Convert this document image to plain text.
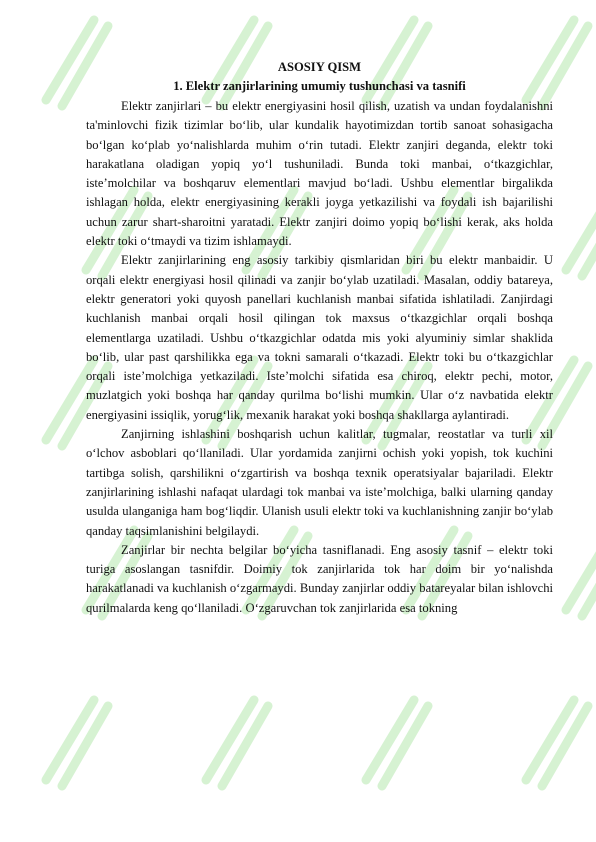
ASOSIY QISM

1. Elektr zanjirlarining umumiy tushunchasi va tasnifi

Elektr zanjirlari – bu elektr energiyasini hosil qilish, uzatish va undan foydalanishni ta'minlovchi fizik tizimlar bo‘lib, ular kundalik hayotimizdan tortib sanoat sohasigacha bo‘lgan ko‘plab yo‘nalishlarda muhim o‘rin tutadi. Elektr zanjiri deganda, elektr toki harakatlana oladigan yopiq yo‘l tushuniladi. Bunda toki manbai, o‘tkazgichlar, iste’molchilar va boshqaruv elementlari mavjud bo‘ladi. Ushbu elementlar birgalikda ishlagan holda, elektr energiyasining kerakli joyga yetkazilishi va foydali ish bajarilishi uchun zarur shart-sharoitni yaratadi. Elektr zanjiri doimo yopiq bo‘lishi kerak, aks holda elektr toki o‘tmaydi va tizim ishlamaydi.

Elektr zanjirlarining eng asosiy tarkibiy qismlaridan biri bu elektr manbaidir. U orqali elektr energiyasi hosil qilinadi va zanjir bo‘ylab uzatiladi. Masalan, oddiy batareya, elektr generatori yoki quyosh panellari kuchlanish manbai sifatida ishlatiladi. Zanjirdagi kuchlanish manbai orqali hosil qilingan tok maxsus o‘tkazgichlar orqali boshqa elementlarga uzatiladi. Ushbu o‘tkazgichlar odatda mis yoki alyuminiy simlar shaklida bo‘lib, ular past qarshilikka ega va tokni samarali o‘tkazadi. Elektr toki bu o‘tkazgichlar orqali iste’molchiga yetkaziladi. Iste’molchi sifatida esa chiroq, elektr pechi, motor, muzlatgich yoki boshqa har qanday qurilma bo‘lishi mumkin. Ular o‘z navbatida elektr energiyasini issiqlik, yorug‘lik, mexanik harakat yoki boshqa shakllarga aylantiradi.

Zanjirning ishlashini boshqarish uchun kalitlar, tugmalar, reostatlar va turli xil o‘lchov asboblari qo‘llaniladi. Ular yordamida zanjirni ochish yoki yopish, tok kuchini tartibga solish, qarshilikni o‘zgartirish va boshqa texnik operatsiyalar bajariladi. Elektr zanjirlarining ishlashi nafaqat ulardagi tok manbai va iste’molchiga, balki ularning qanday usulda ulanganiga ham bog‘liqdir. Ulanish usuli elektr toki va kuchlanishning zanjir bo‘ylab qanday taqsimlanishini belgilaydi.

Zanjirlar bir nechta belgilar bo‘yicha tasniflanadi. Eng asosiy tasnif – elektr toki turiga asoslangan tasnifdir. Doimiy tok zanjirlarida tok har doim bir yo‘nalishda harakatlanadi va kuchlanish o‘zgarmaydi. Bunday zanjirlar oddiy batareyalar bilan ishlovchi qurilmalarda keng qo‘llaniladi. O‘zgaruvchan tok zanjirlarida esa tokning
